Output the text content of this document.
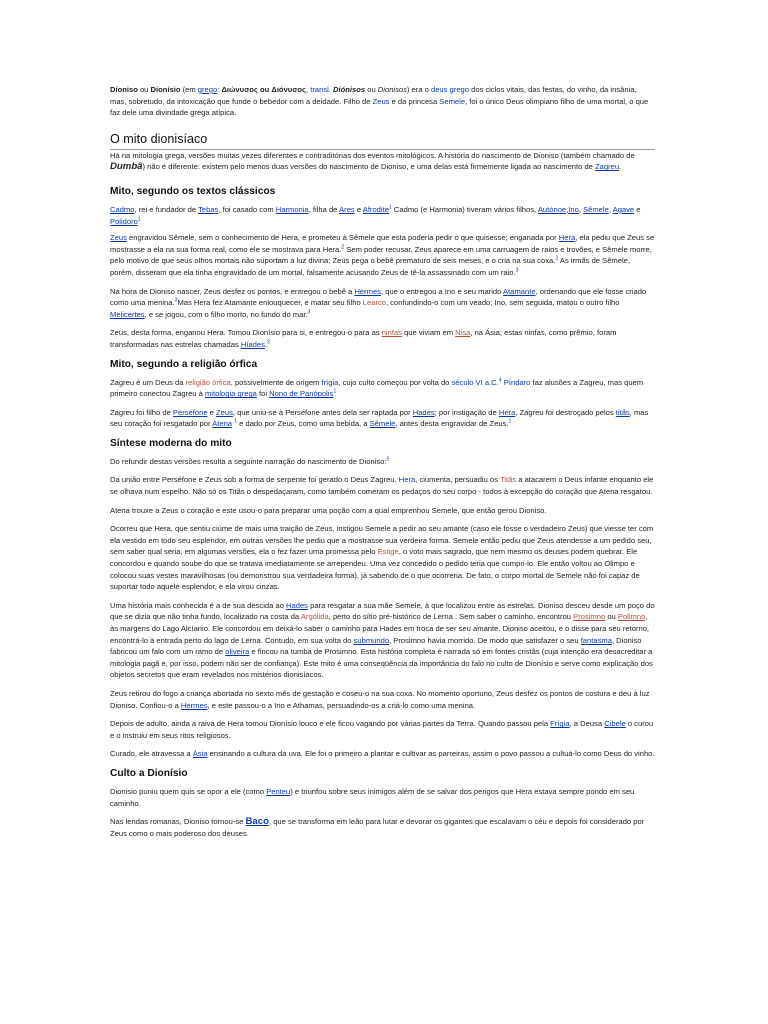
Dioniso ou Dionísio (em grego: Διώνυσος ou Διόνυσος, transl. Diónisos ou Dionisos) era o deus grego dos ciclos vitais, das festas, do vinho, da insânia, mas, sobretudo, da intoxicação que funde o bebedor com a deidade. Filho de Zeus e da princesa Semele, foi o único Deus olimpiano filho de uma mortal, o que faz dele uma divindade grega atípica.

O mito dionisíaco

Há na mitologia grega, versões muitas vezes diferentes e contraditórias dos eventos mitológicos. A história do nascimento de Dioniso (também chamado de Dumbã) não é diferente: existem pelo menos duas versões do nascimento de Dioniso, e uma delas está firmemente ligada ao nascimento de Zagreu.

Mito, segundo os textos clássicos

Cadmo, rei e fundador de Tebas, foi casado com Harmonia, filha de Ares e Afrodite$^1$ Cadmo (e Harmonia) tiveram vários filhos, Autónoe,Ino, Sêmele, Agave e Polidoro$^1$

Zeus engravidou Sêmele, sem o conhecimento de Hera, e prometeu à Sêmele que esta poderia pedir o que quisesse; enganada por Hera, ela pediu que Zeus se mostrasse a ela na sua forma real, como ele se mostrava para Hera.$^2$ Sem poder recusar, Zeus aparece em uma carruagem de raios e trovões, e Sêmele morre, pelo motivo de que seus olhos mortais não suportam a luz divina; Zeus pega o bebê prematuro de seis meses, e o cria na sua coxa.$^2$ As irmãs de Sêmele, porém, disseram que ela tinha engravidado de um mortal, falsamente acusando Zeus de tê-la assassinado com um raio.$^3$

Na hora de Dioniso nascer, Zeus desfez os pontos, e entregou o bebê a Hermes, que o entregou a Ino e seu marido Atamante, ordenando que ele fosse criado como uma menina.$^3$Mas Hera fez Atamante enlouquecer, e matar seu filho Learco, confundindo-o com um veado; Ino, sem seguida, matou o outro filho Melicertes, e se jogou, com o filho morto, no fundo do mar.$^3$

Zeus, desta forma, enganou Hera. Tomou Dionísio para si, e entregou-o para as ninfas que viviam em Nisa, na Ásia; estas ninfas, como prêmio, foram transformadas nas estrelas chamadas Híades.$^3$

Mito, segundo a religião órfica

Zagreu é um Deus da religião órfica, possivelmente de origem frígia, cujo culto começou por volta do século VI a.C.$^4$ Píndaro faz alusões a Zagreu, mas quem primeiro conectou Zagreu à mitologia grega foi Nono de Panópolis$^1$

Zagreu foi filho de Perséfone e Zeus, que uniu-se à Perséfone antes dela ser raptada por Hades; por instigação de Hera, Zagreu foi destroçado pelos titãs, mas seu coração foi resgatado por Atena $^1$ e dado por Zeus, como uma bebida, a Sêmele, antes desta engravidar de Zeus.$^1$

Síntese moderna do mito

Do refundir destas versões resulta a seguinte narração do nascimento de Dioniso:$^5$

Da união entre Perséfone e Zeus sob a forma de serpente foi gerado o Deus Zagreu. Hera, ciumenta, persuadiu os Titãs a atacarem o Deus infante enquanto ele se olhava num espelho. Não só os Titãs o despedaçaram, como também comeram os pedaços do seu corpo - todos à excepção do coração que Atena resgatou.

Atena trouxe a Zeus o coração e este usou-o para preparar uma poção com a qual emprenhou Semele, que então gerou Dioniso.

Ocorreu que Hera, que sentiu ciúme de mais uma traição de Zeus, instigou Semele a pedir ao seu amante (caso ele fosse o verdadeiro Zeus) que viesse ter com ela vestido em todo seu esplendor, em outras versões lhe pediu que a mostrasse sua verdeira forma. Semele então pediu que Zeus atendesse a um pedido seu, sem saber qual seria, em algumas versões, ela o fez fazer uma promessa pelo Estige, o voto mais sagrado, que nem mesmo os deuses podem quebrar. Ele concordou e quando soube do que se tratava imediatamente se arrependeu. Uma vez concedido o pedido teria que cumpri-lo. Ele então voltou ao Olimpo e colocou suas vestes maravilhosas (ou demonstrou sua verdadeira forma), já sabendo de o que ocorreria. De fato, o corpo mortal de Semele não foi capaz de suportar todo aquele esplendor, e ela virou cinzas.

Uma história mais conhecida é a de sua descida ao Hades para resgatar a sua mãe Semele, à que localizou entre as estrelas. Dioniso desceu desde um poço do que se dizia que não tinha fundo, localizado na costa da Argólida, perto do sítio pré-histórico de Lerna . Sem saber o caminho, encontrou Prosimno ou Polimno, às margens do Lago Alcíanio. Ele concordou em deixá-lo saber o caminho para Hades em troca de ser seu amante. Dioniso aceitou, e o disse para seu retorno, encontrá-lo à entrada perto do lago de Lerna. Contudo, em sua volta do submundo, Prosimno havia morrido. De modo que satisfazer o seu fantasma, Dioniso fabricou um falo com um ramo de oliveira e fincou na tumba de Prosimno. Esta história completa é narrada só em fontes cristãs (cuja intenção era desacreditar a mitologia pagã e, por isso, podem não ser de confiança). Este mito é uma conseqüência da importância do falo no culto de Dionísio e serve como explicação dos objetos secretos que eram revelados nos mistérios dionisíacos.

Zeus retirou do fogo a criança abortada no sexto mês de gestação e coseu-o na sua coxa. No momento oportuno, Zeus desfez os pontos de costura e deu à luz Dioniso. Confiou-o a Hermes, e este passou-o a Ino e Athamas, persuadindo-os a criá-lo como uma menina.

Depois de adulto, ainda a raiva de Hera tornou Dionísio louco e ele ficou vagando por várias partes da Terra. Quando passou pela Frígia, a Deusa Cibele o curou e o instruiu em seus ritos religiosos.

Curado, ele atravessa a Ásia ensinando a cultura da uva. Ele foi o primeiro a plantar e cultivar as parreiras, assim o povo passou a cultuá-lo como Deus do vinho.

Culto a Dionísio

Dionisio puniu quem quis se opor a ele (como Penteu) e triunfou sobre seus inimigos além de se salvar dos perigos que Hera estava sempre pondo em seu caminho.

Nas lendas romanas, Dioniso tornou-se Baco, que se transforma em leão para lutar e devorar os gigantes que escalavam o céu e depois foi considerado por Zeus como o mais poderoso dos deuses.
